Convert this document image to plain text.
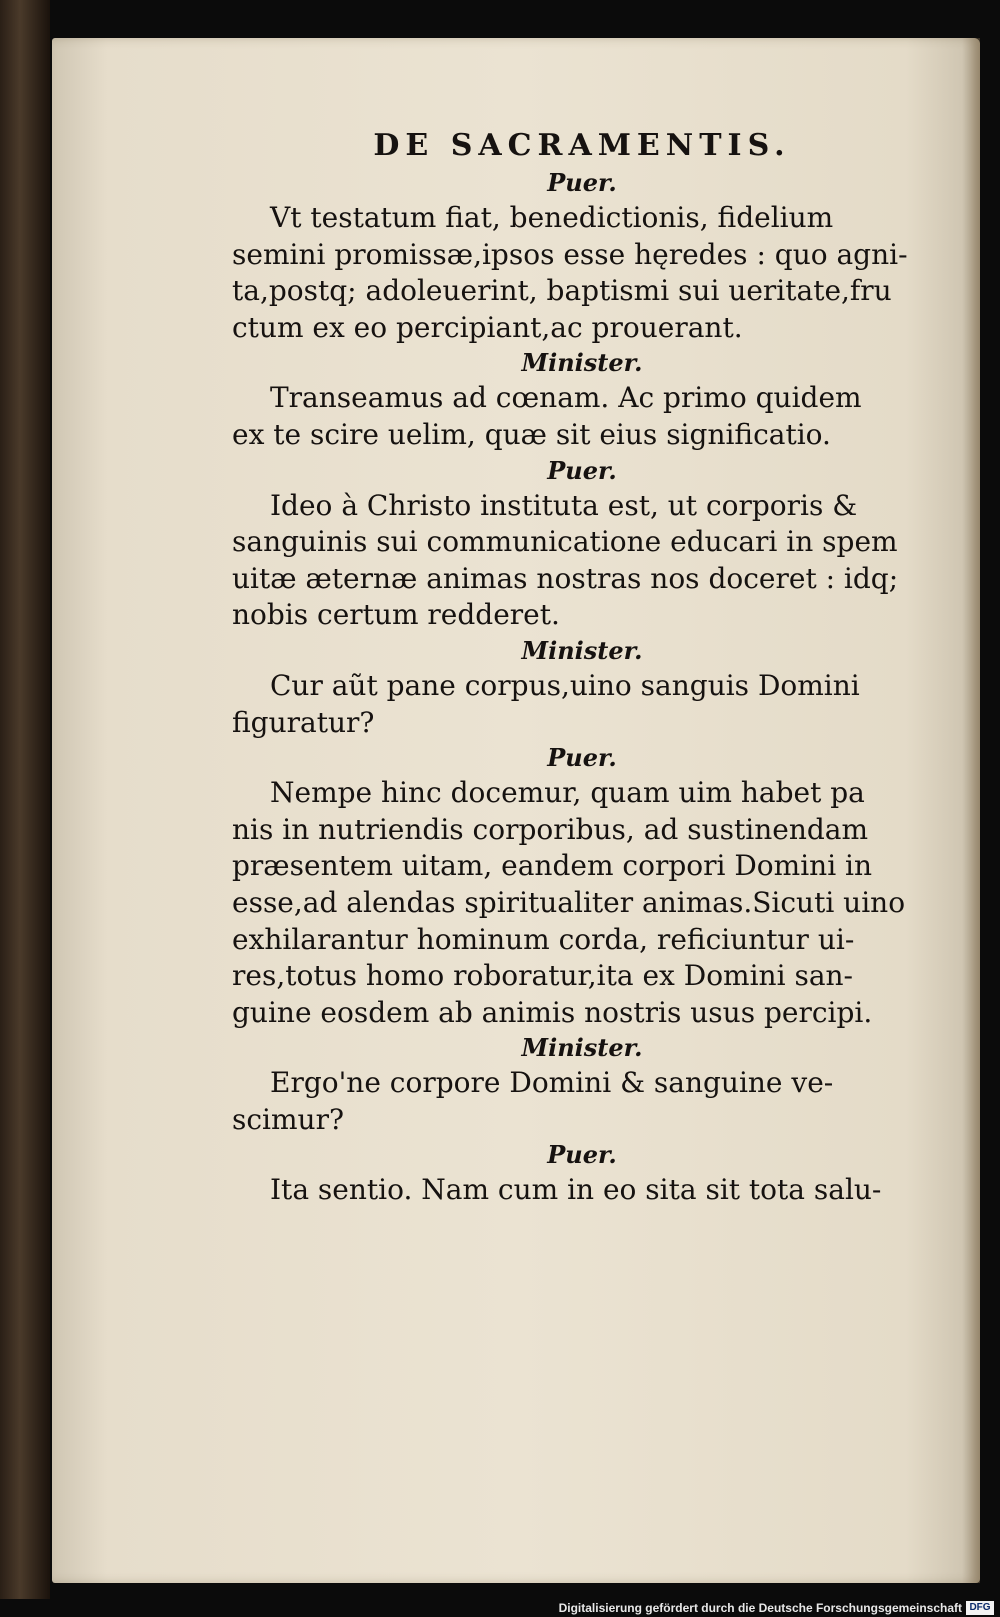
DE SACRAMENTIS.
Puer.
Vt testatum fiat, benedictionis, fidelium
semini promissæ,ipsos esse hęredes : quo agni-
ta,postq; adoleuerint, baptismi sui ueritate,fru
ctum ex eo percipiant,ac prouerant.
Minister.
Transeamus ad cœnam. Ac primo quidem
ex te scire uelim, quæ sit eius significatio.
Puer.
Ideo à Christo instituta est, ut corporis &
sanguinis sui communicatione educari in spem
uitæ æternæ animas nostras nos doceret : idq;
nobis certum redderet.
Minister.
Cur aũt pane corpus,uino sanguis Domini
figuratur?
Puer.
Nempe hinc docemur, quam uim habet pa
nis in nutriendis corporibus, ad sustinendam
præsentem uitam, eandem corpori Domini in
esse,ad alendas spiritualiter animas.Sicuti uino
exhilarantur hominum corda, reficiuntur ui-
res,totus homo roboratur,ita ex Domini san-
guine eosdem ab animis nostris usus percipi.
Minister.
Ergo'ne corpore Domini & sanguine ve-
scimur?
Puer.
Ita sentio. Nam cum in eo sita sit tota salu-
Digitalisierung gefördert durch die Deutsche Forschungsgemeinschaft DFG
